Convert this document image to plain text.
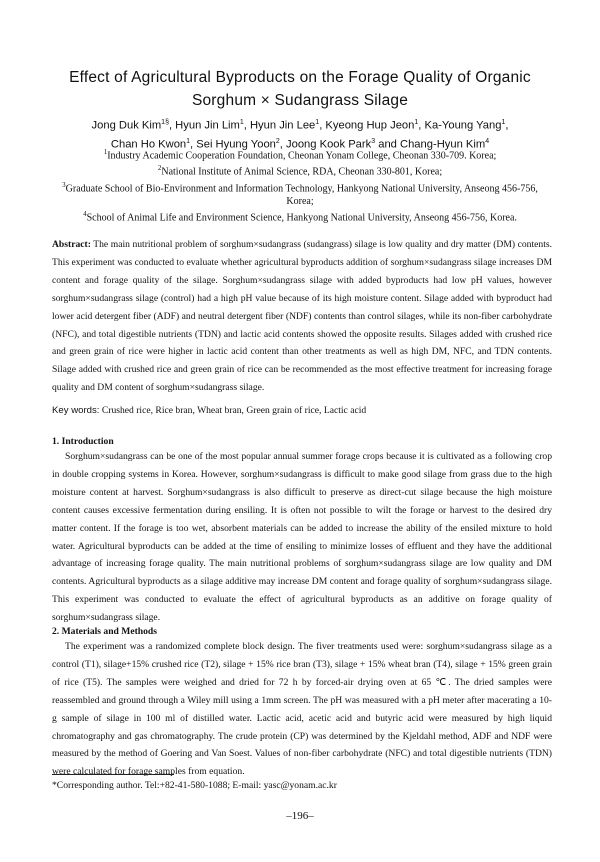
Effect of Agricultural Byproducts on the Forage Quality of Organic
Sorghum × Sudangrass Silage
Jong Duk Kim$^{1\S}$, Hyun Jin Lim$^1$, Hyun Jin Lee$^1$, Kyeong Hup Jeon$^1$, Ka-Young Yang$^1$,
Chan Ho Kwon$^1$, Sei Hyung Yoon$^2$, Joong Kook Park$^3$ and Chang-Hyun Kim$^4$
$^1$Industry Academic Cooperation Foundation, Cheonan Yonam College, Cheonan 330-709. Korea;
$^2$National Institute of Animal Science, RDA, Cheonan 330-801, Korea;
$^3$Graduate School of Bio-Environment and Information Technology, Hankyong National University, Anseong 456-756,
Korea;
$^4$School of Animal Life and Environment Science, Hankyong National University, Anseong 456-756, Korea.
Abstract: The main nutritional problem of sorghum×sudangrass (sudangrass) silage is low quality and dry matter (DM) contents. This experiment was conducted to evaluate whether agricultural byproducts addition of sorghum×sudangrass silage increases DM content and forage quality of the silage. Sorghum×sudangrass silage with added byproducts had low pH values, however sorghum×sudangrass silage (control) had a high pH value because of its high moisture content. Silage added with byproduct had lower acid detergent fiber (ADF) and neutral detergent fiber (NDF) contents than control silages, while its non-fiber carbohydrate (NFC), and total digestible nutrients (TDN) and lactic acid contents showed the opposite results. Silages added with crushed rice and green grain of rice were higher in lactic acid content than other treatments as well as high DM, NFC, and TDN contents. Silage added with crushed rice and green grain of rice can be recommended as the most effective treatment for increasing forage quality and DM content of sorghum×sudangrass silage.
Key words: Crushed rice, Rice bran, Wheat bran, Green grain of rice, Lactic acid
1. Introduction
Sorghum×sudangrass can be one of the most popular annual summer forage crops because it is cultivated as a following crop in double cropping systems in Korea. However, sorghum×sudangrass is difficult to make good silage from grass due to the high moisture content at harvest. Sorghum×sudangrass is also difficult to preserve as direct-cut silage because the high moisture content causes excessive fermentation during ensiling. It is often not possible to wilt the forage or harvest to the desired dry matter content. If the forage is too wet, absorbent materials can be added to increase the ability of the ensiled mixture to hold water. Agricultural byproducts can be added at the time of ensiling to minimize losses of effluent and they have the additional advantage of increasing forage quality. The main nutritional problems of sorghum×sudangrass silage are low quality and DM contents. Agricultural byproducts as a silage additive may increase DM content and forage quality of sorghum×sudangrass silage. This experiment was conducted to evaluate the effect of agricultural byproducts as an additive on forage quality of sorghum×sudangrass silage.
2. Materials and Methods
The experiment was a randomized complete block design. The fiver treatments used were: sorghum×sudangrass silage as a control (T1), silage+15% crushed rice (T2), silage + 15% rice bran (T3), silage + 15% wheat bran (T4), silage + 15% green grain of rice (T5). The samples were weighed and dried for 72 h by forced-air drying oven at 65 ℃. The dried samples were reassembled and ground through a Wiley mill using a 1mm screen. The pH was measured with a pH meter after macerating a 10-g sample of silage in 100 ml of distilled water. Lactic acid, acetic acid and butyric acid were measured by high liquid chromatography and gas chromatography. The crude protein (CP) was determined by the Kjeldahl method, ADF and NDF were measured by the method of Goering and Van Soest. Values of non-fiber carbohydrate (NFC) and total digestible nutrients (TDN) were calculated for forage samples from equation.
*Corresponding author. Tel:+82-41-580-1088; E-mail: yasc@yonam.ac.kr
–196–
